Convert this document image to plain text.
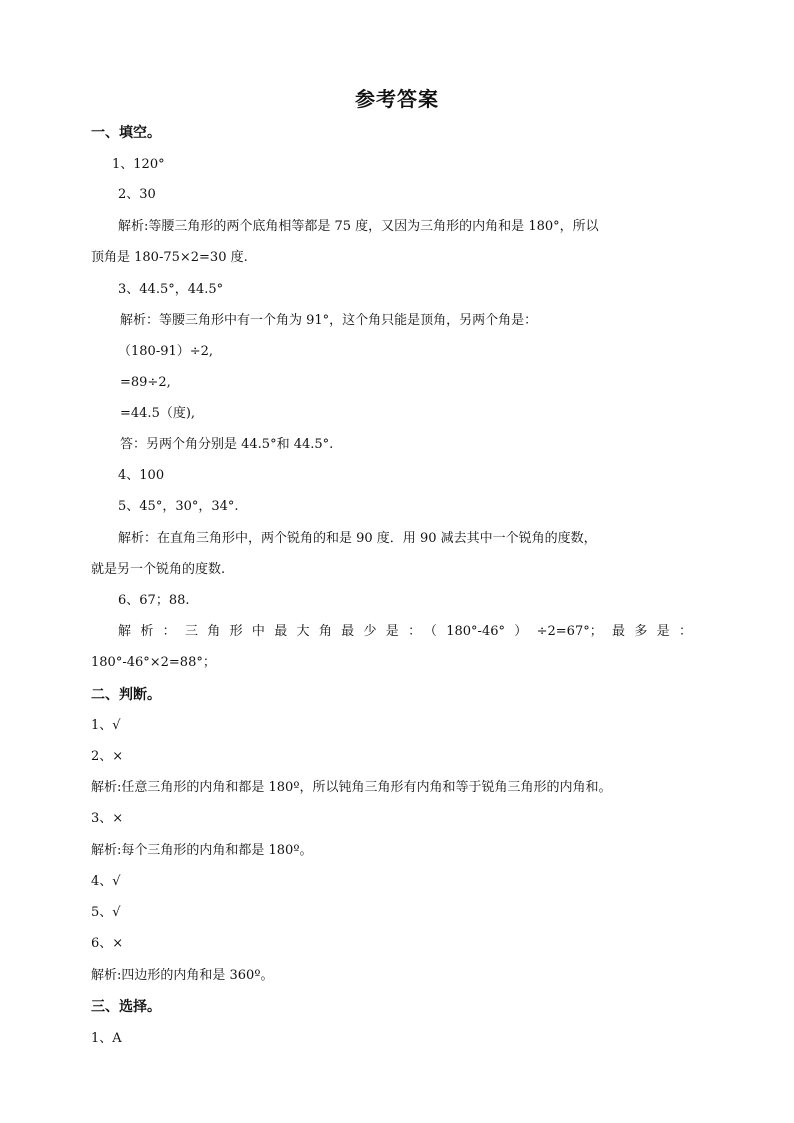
参考答案
一、填空。
1、120°
2、30
解析:等腰三角形的两个底角相等都是 75 度，又因为三角形的内角和是 180°，所以
顶角是 180-75×2=30 度.
3、44.5°，44.5°
解析：等腰三角形中有一个角为 91°，这个角只能是顶角，另两个角是：
（180-91）÷2,
=89÷2,
=44.5（度),
答：另两个角分别是 44.5°和 44.5°.
4、100
5、45°，30°，34°.
解析：在直角三角形中，两个锐角的和是 90 度．用 90 减去其中一个锐角的度数，
就是另一个锐角的度数.
6、67；88.
解析：三角形中最大角最少是：（180°-46°）÷2=67°；最多是：
180°-46°×2=88°；
二、判断。
1、√
2、×
解析:任意三角形的内角和都是 180º，所以钝角三角形有内角和等于锐角三角形的内角和。
3、×
解析:每个三角形的内角和都是 180º。
4、√
5、√
6、×
解析:四边形的内角和是 360º。
三、选择。
1、A
